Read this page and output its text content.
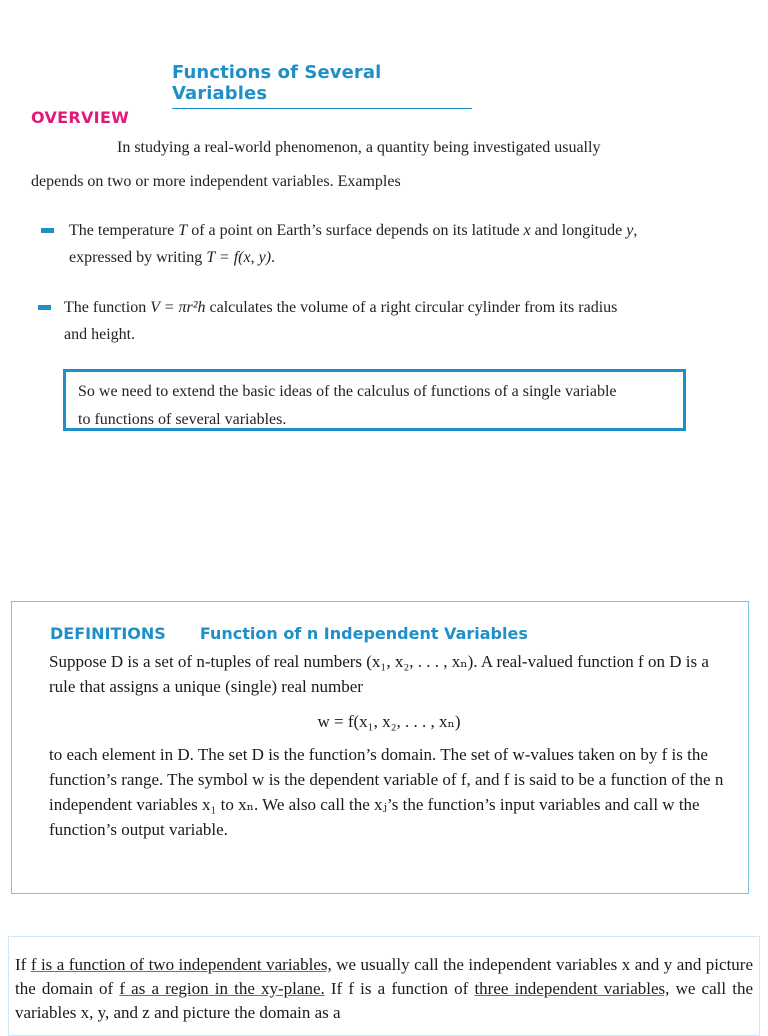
Functions of Several Variables
OVERVIEW
In studying a real-world phenomenon, a quantity being investigated usually
depends on two or more independent variables. Examples
The temperature T of a point on Earth’s surface depends on its latitude x and longitude y,
expressed by writing T = f(x, y).
The function V = πr²h calculates the volume of a right circular cylinder from its radius
and height.
So we need to extend the basic ideas of the calculus of functions of a single variable
to functions of several variables.
DEFINITIONS Function of n Independent Variables
Suppose D is a set of n-tuples of real numbers (x₁, x₂, . . . , xₙ). A real-valued function f on D is a rule that assigns a unique (single) real number
w = f(x₁, x₂, . . . , xₙ)
to each element in D. The set D is the function’s domain. The set of w-values taken on by f is the function’s range. The symbol w is the dependent variable of f, and f is said to be a function of the n independent variables x₁ to xₙ. We also call the xⱼ’s the function’s input variables and call w the function’s output variable.
If f is a function of two independent variables, we usually call the independent variables x and y and picture the domain of f as a region in the xy-plane. If f is a function of three independent variables, we call the variables x, y, and z and picture the domain as a
